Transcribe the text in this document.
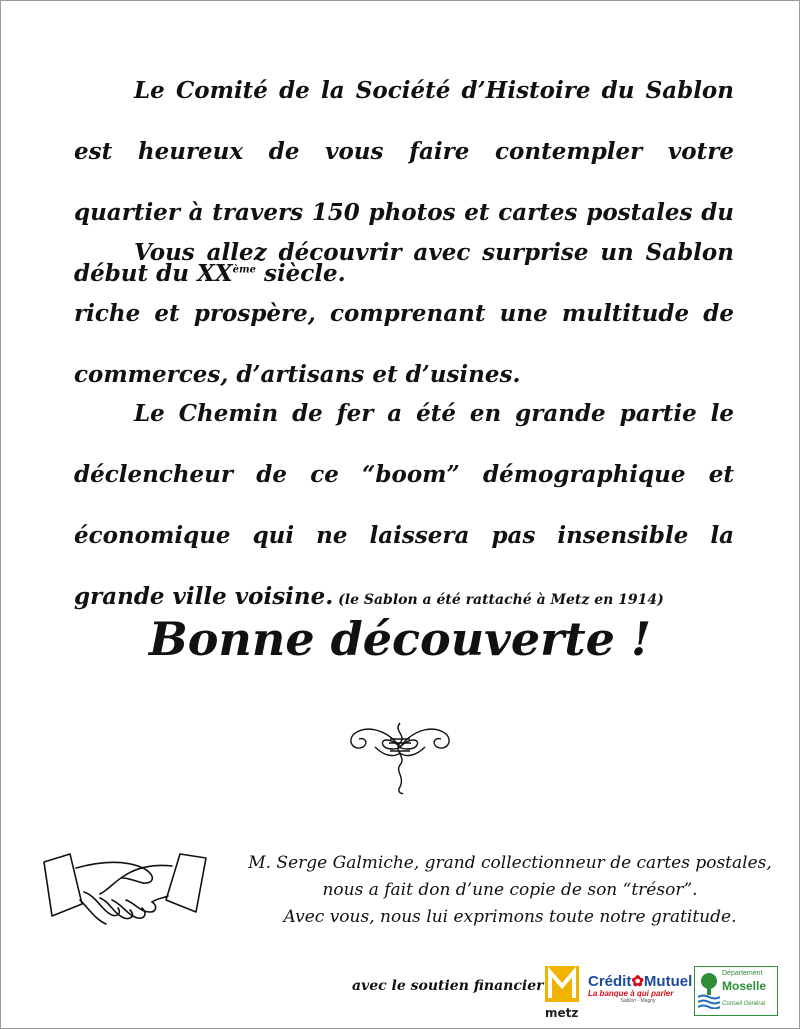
Le Comité de la Société d’Histoire du Sablon est heureux de vous faire contempler votre quartier à travers 150 photos et cartes postales du début du XXème siècle.
Vous allez découvrir avec surprise un Sablon riche et prospère, comprenant une multitude de commerces, d’artisans et d’usines.
Le Chemin de fer a été en grande partie le déclencheur de ce “boom” démographique et économique qui ne laissera pas insensible la grande ville voisine. (le Sablon a été rattaché à Metz en 1914)
Bonne découverte !
M. Serge Galmiche, grand collectionneur de cartes postales,
nous a fait don d’une copie de son “trésor”.
Avec vous, nous lui exprimons toute notre gratitude.
avec le soutien financier
metz
Crédit✿Mutuel
La banque à qui parler
Sablon - Magny
Département
Moselle
Conseil Général
